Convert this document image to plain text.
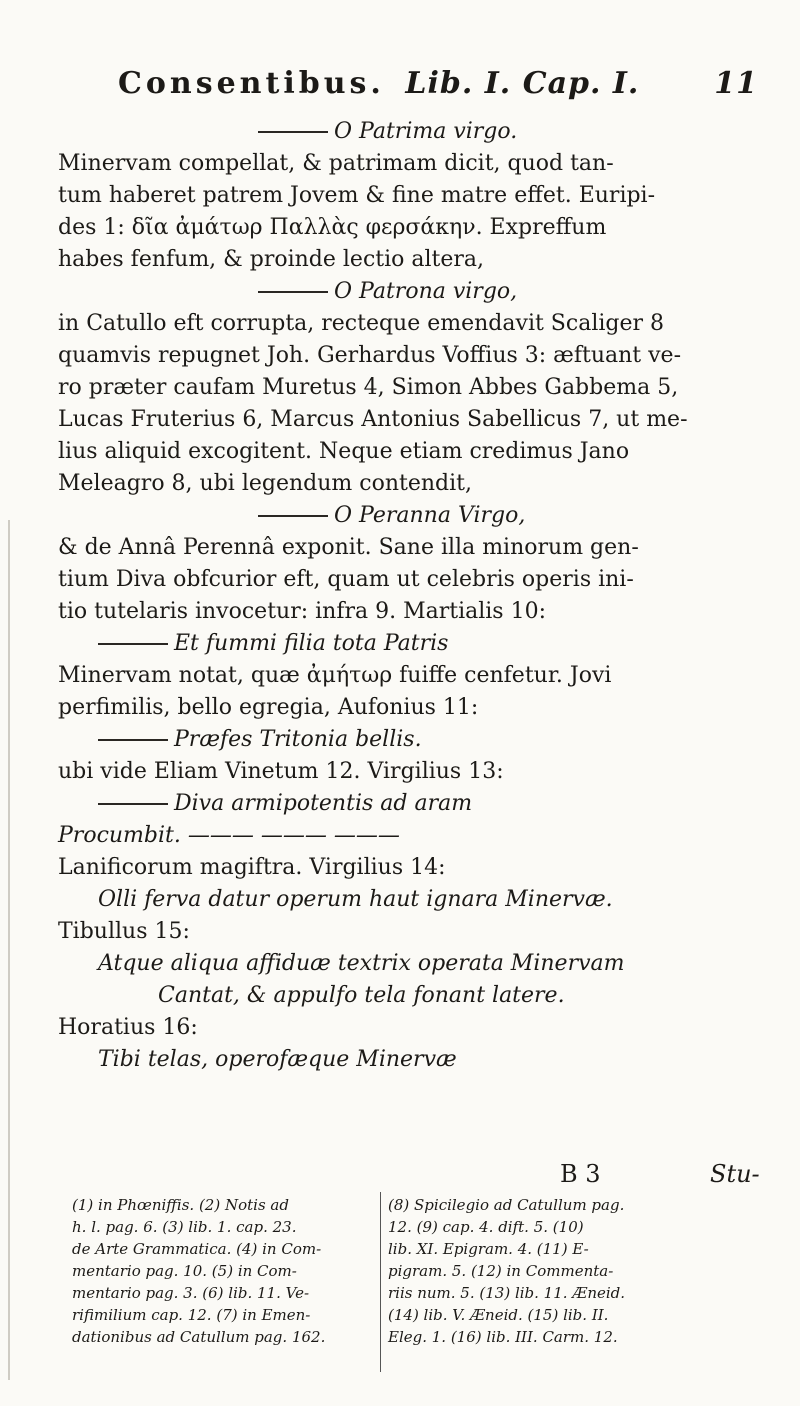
Consentibus. Lib. I. Cap. I. 11
O Patrima virgo.
Minervam compellat, & patrimam dicit, quod tan-
tum haberet patrem Jovem & fine matre effet. Euripi-
des 1: δῖα ἀμάτωρ Παλλὰς φερσάκην. Expreffum
habes fenfum, & proinde lectio altera,
O Patrona virgo,
in Catullo eft corrupta, recteque emendavit Scaliger 8
quamvis repugnet Joh. Gerhardus Voffius 3: æftuant ve-
ro præter caufam Muretus 4, Simon Abbes Gabbema 5,
Lucas Fruterius 6, Marcus Antonius Sabellicus 7, ut me-
lius aliquid excogitent. Neque etiam credimus Jano
Meleagro 8, ubi legendum contendit,
O Peranna Virgo,
& de Annâ Perennâ exponit. Sane illa minorum gen-
tium Diva obfcurior eft, quam ut celebris operis ini-
tio tutelaris invocetur: infra 9. Martialis 10:
Et fummi filia tota Patris
Minervam notat, quæ ἀμήτωρ fuiffe cenfetur. Jovi
perfimilis, bello egregia, Aufonius 11:
Præfes Tritonia bellis.
ubi vide Eliam Vinetum 12. Virgilius 13:
Diva armipotentis ad aram
Procumbit. ——— ——— ———
Lanificorum magiftra. Virgilius 14:
Olli ferva datur operum haut ignara Minervæ.
Tibullus 15:
Atque aliqua affiduæ textrix operata Minervam
Cantat, & appulfo tela fonant latere.
Horatius 16:
Tibi telas, operofæque Minervæ
B 3	Stu-
(1) in Phœniffis. (2) Notis ad
h. l. pag. 6. (3) lib. 1. cap. 23.
de Arte Grammatica. (4) in Com-
mentario pag. 10. (5) in Com-
mentario pag. 3. (6) lib. 11. Ve-
rifimilium cap. 12. (7) in Emen-
dationibus ad Catullum pag. 162.
(8) Spicilegio ad Catullum pag.
12. (9) cap. 4. dift. 5. (10)
lib. XI. Epigram. 4. (11) E-
pigram. 5. (12) in Commenta-
riis num. 5. (13) lib. 11. Æneid.
(14) lib. V. Æneid. (15) lib. II.
Eleg. 1. (16) lib. III. Carm. 12.
